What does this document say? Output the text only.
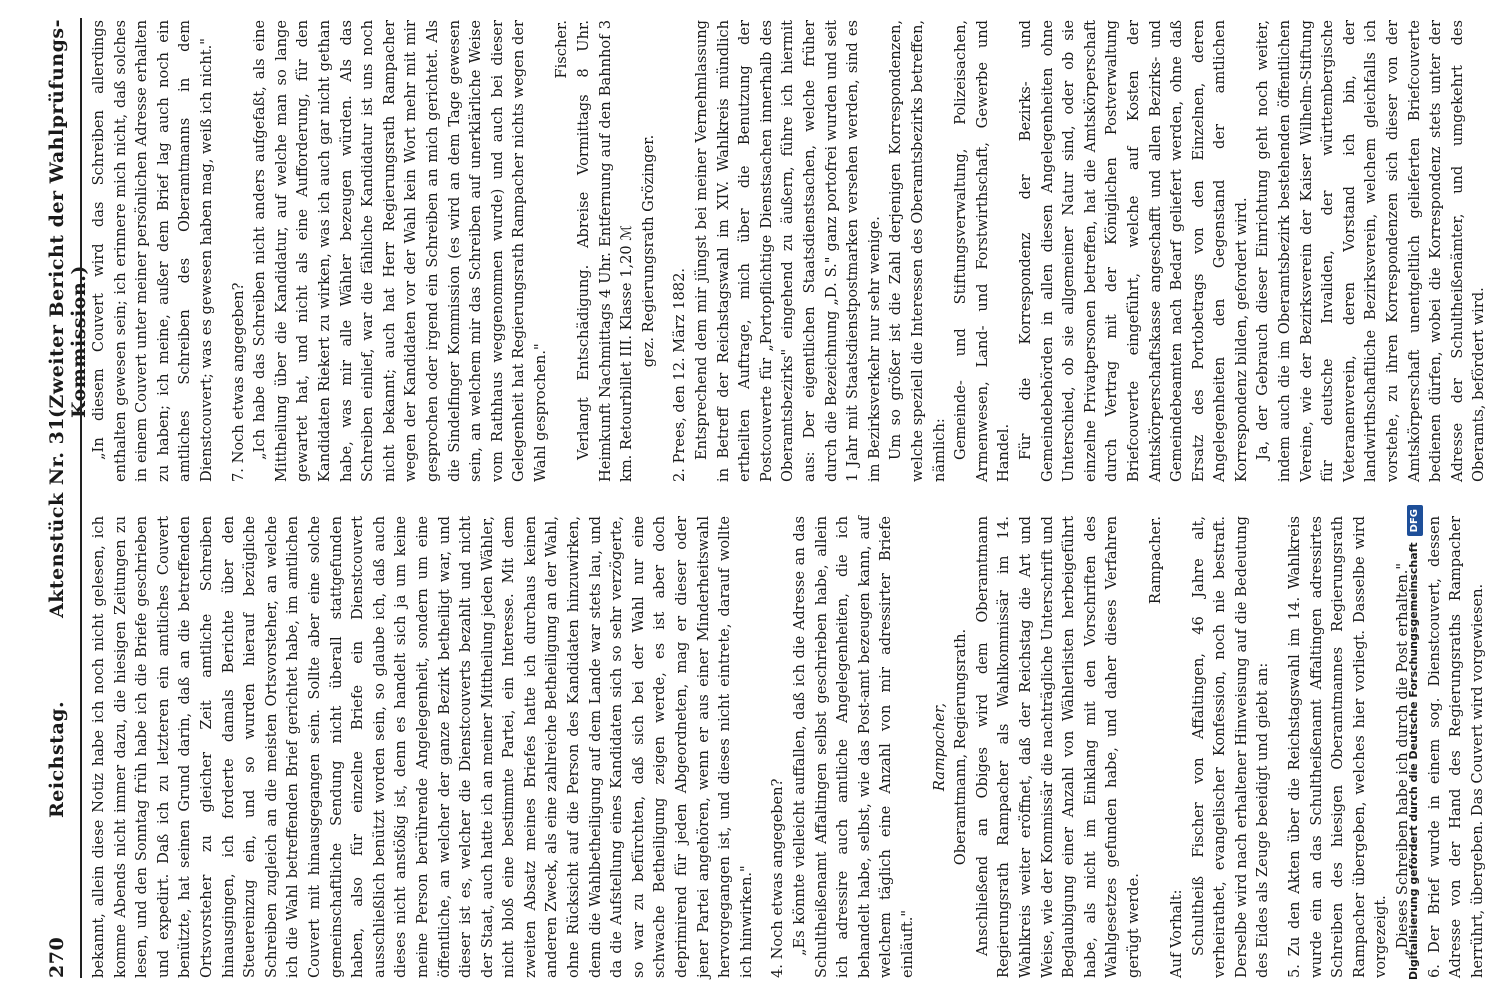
270
Reichstag.
Aktenstück Nr. 31.
(Zweiter Bericht der Wahlprüfungs-Kommission.)

bekannt, allein diese Notiz habe ich noch nicht gelesen, ich komme Abends nicht immer dazu, die hiesigen Zeitungen zu lesen, und den Sonntag früh habe ich die Briefe geschrieben und expedirt. Daß ich zu letzteren ein amtliches Couvert benützte, hat seinen Grund darin, daß an die betreffenden Ortsvorsteher zu gleicher Zeit amtliche Schreiben hinausgingen, ich forderte damals Berichte über den Steuereinzug ein, und so wurden hierauf bezügliche Schreiben zugleich an die meisten Ortsvorsteher, an welche ich die Wahl betreffenden Brief gerichtet habe, im amtlichen Couvert mit hinausgegangen sein. Sollte aber eine solche gemeinschaftliche Sendung nicht überall stattgefunden haben, also für einzelne Briefe ein Dienstcouvert ausschließlich benützt worden sein, so glaube ich, daß auch dieses nicht anstößig ist, denn es handelt sich ja um keine meine Person berührende Angelegenheit, sondern um eine öffentliche, an welcher der ganze Bezirk betheiligt war, und dieser ist es, welcher die Dienstcouverts bezahlt und nicht der Staat, auch hatte ich an meiner Mittheilung jeden Wähler, nicht bloß eine bestimmte Partei, ein Interesse. Mit dem zweiten Absatz meines Briefes hatte ich durchaus keinen anderen Zweck, als eine zahlreiche Betheiligung an der Wahl, ohne Rücksicht auf die Person des Kandidaten hinzuwirken, denn die Wahlbetheiligung auf dem Lande war stets lau, und da die Aufstellung eines Kandidaten sich so sehr verzögerte, so war zu befürchten, daß sich bei der Wahl nur eine schwache Betheiligung zeigen werde, es ist aber doch deprimirend für jeden Abgeordneten, mag er dieser oder jener Partei angehören, wenn er aus einer Minderheitswahl hervorgegangen ist, und dieses nicht eintrete, darauf wollte ich hinwirken." 4. Noch etwas angegeben? „Es könnte vielleicht auffallen, daß ich die Adresse an das Schultheißenamt Affaltingen selbst geschrieben habe, allein ich adressire auch amtliche Angelegenheiten, die ich behandelt habe, selbst, wie das Post-amt bezeugen kann, auf welchem täglich eine Anzahl von mir adressirter Briefe einläuft."

Rampacher, Oberamtmann, Regierungsrath. Anschließend an Obiges wird dem Oberamtmann Regierungsrath Rampacher als Wahlkommissär im 14. Wahlkreis weiter eröffnet, daß der Reichstag die Art und Weise, wie der Kommissär die nachträgliche Unterschrift und Beglaubigung einer Anzahl von Wählerlisten herbeigeführt habe, als nicht im Einklang mit den Vorschriften des Wahlgesetzes gefunden habe, und daher dieses Verfahren gerügt werde.

Rampacher.

Auf Vorhalt: Schultheiß Fischer von Affaltingen, 46 Jahre alt, verheirathet, evangelischer Konfession, noch nie bestraft. Derselbe wird nach erhaltener Hinweisung auf die Bedeutung des Eides als Zeuge beeidigt und giebt an: 5. Zu den Akten über die Reichstagswahl im 14. Wahlkreis wurde ein an das Schultheißenamt Affaltingen adressirtes Schreiben des hiesigen Oberamtmannes Regierungsrath Rampacher übergeben, welches hier vorliegt. Dasselbe wird vorgezeigt. „Dieses Schreiben habe ich durch die Post erhalten." 6. Der Brief wurde in einem sog. Dienstcouvert, dessen Adresse von der Hand des Regierungsraths Rampacher herrührt, übergeben. Das Couvert wird vorgewiesen.

„In diesem Couvert wird das Schreiben allerdings enthalten gewesen sein; ich erinnere mich nicht, daß solches in einem Couvert unter meiner persönlichen Adresse erhalten zu haben; ich meine, außer dem Brief lag auch noch ein amtliches Schreiben des Oberamtmanns in dem Dienstcouvert; was es gewesen haben mag, weiß ich nicht." 7. Noch etwas angegeben? „Ich habe das Schreiben nicht anders aufgefaßt, als eine Mittheilung über die Kandidatur, auf welche man so lange gewartet hat, und nicht als eine Aufforderung, für den Kandidaten Riekert zu wirken, was ich auch gar nicht gethan habe, was mir alle Wähler bezeugen würden. Als das Schreiben einlief, war die fähliche Kandidatur ist uns noch nicht bekannt; auch hat Herr Regierungsrath Rampacher wegen der Kandidaten vor der Wahl kein Wort mehr mit mir gesprochen oder irgend ein Schreiben an mich gerichtet. Als die Sindelfinger Kommission (es wird an dem Tage gewesen sein, an welchem mir das Schreiben auf unerklärliche Weise vom Rathhaus weggenommen wurde) und auch bei dieser Gelegenheit hat Regierungsrath Rampacher nichts wegen der Wahl gesprochen."

Fischer. Verlangt Entschädigung. Abreise Vormittags 8 Uhr. Heimkunft Nachmittags 4 Uhr. Entfernung auf den Bahnhof 3 km. Retourbillet III. Klasse 1,20 ℳ gez. Regierungsrath Grözinger.

2. Prees, den 12. März 1882. Entsprechend dem mir jüngst bei meiner Vernehmlassung in Betreff der Reichstagswahl im XIV. Wahlkreis mündlich ertheilten Auftrage, mich über die Benutzung der Postcouverte für „Portopflichtige Dienstsachen innerhalb des Oberamtsbezirks" eingehend zu äußern, führe ich hiermit aus: Der eigentlichen Staatsdienstsachen, welche früher durch die Bezeichnung „D. S." ganz portofrei wurden und seit 1 Jahr mit Staatsdienstpostmarken versehen werden, sind es im Bezirksverkehr nur sehr wenige. Um so größer ist die Zahl derjenigen Korrespondenzen, welche speziell die Interessen des Oberamtsbezirks betreffen, nämlich: Gemeinde- und Stiftungsverwaltung, Polizeisachen, Armenwesen, Land- und Forstwirthschaft, Gewerbe und Handel. Für die Korrespondenz der Bezirks- und Gemeindebehörden in allen diesen Angelegenheiten ohne Unterschied, ob sie allgemeiner Natur sind, oder ob sie einzelne Privatpersonen betreffen, hat die Amtskörperschaft durch Vertrag mit der Königlichen Postverwaltung Briefcouverte eingeführt, welche auf Kosten der Amtskörperschaftskasse angeschafft und allen Bezirks- und Gemeindebeamten nach Bedarf geliefert werden, ohne daß Ersatz des Portobetrags von den Einzelnen, deren Angelegenheiten den Gegenstand der amtlichen Korrespondenz bilden, gefordert wird. Ja, der Gebrauch dieser Einrichtung geht noch weiter, indem auch die im Oberamtsbezirk bestehenden öffentlichen Vereine, wie der Bezirksverein der Kaiser Wilhelm-Stiftung für deutsche Invaliden, der württembergische Veteranenverein, deren Vorstand ich bin, der landwirthschaftliche Bezirksverein, welchem gleichfalls ich vorstehe, zu ihren Korrespondenzen sich dieser von der Amtskörperschaft unentgeltlich gelieferten Briefcouverte bedienen dürfen, wobei die Korrespondenz stets unter der Adresse der Schultheißenämter, und umgekehrt des Oberamts, befördert wird.

Digitalisierung gefördert durch die Deutsche ForschungsgemeinschaftDFG
